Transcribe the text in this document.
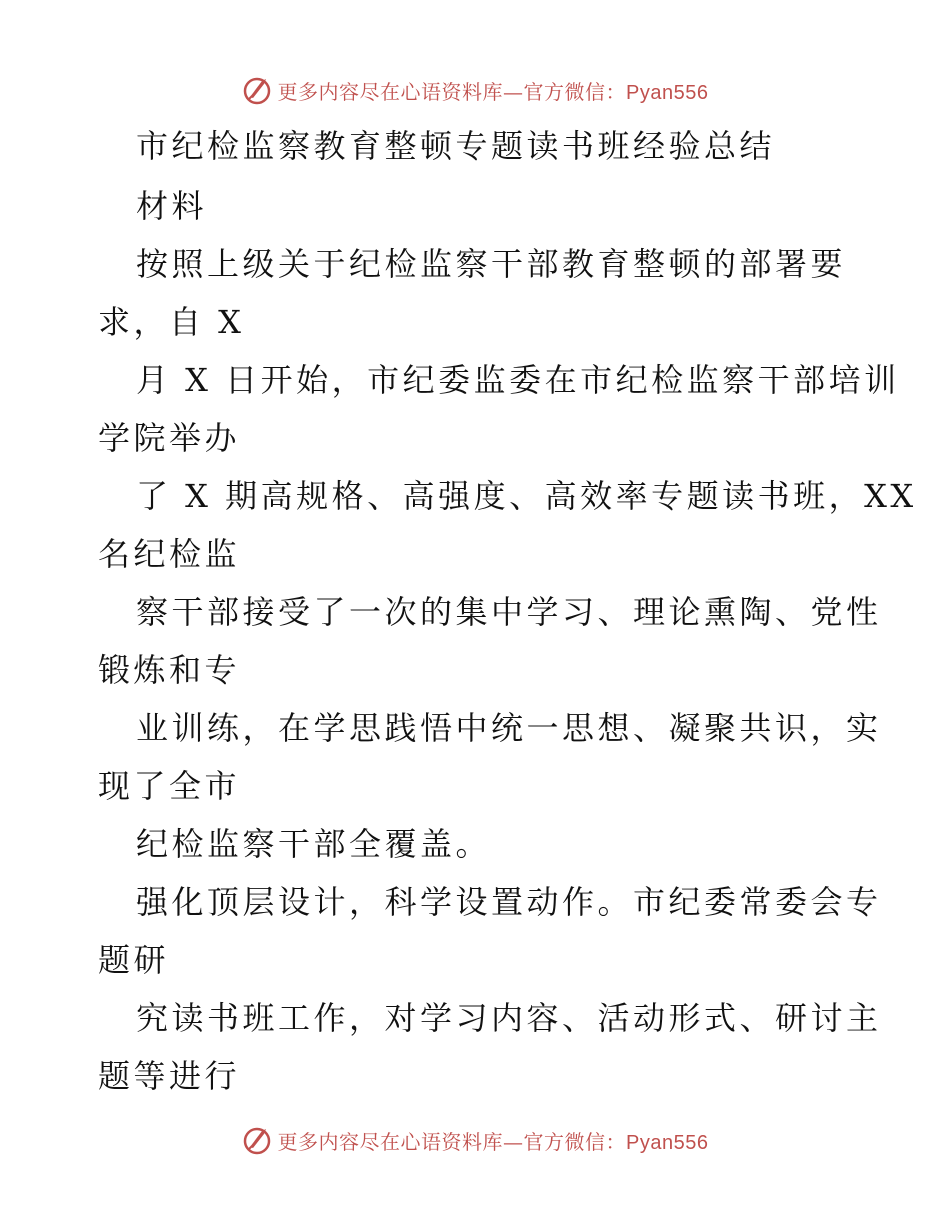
更多内容尽在心语资料库—官方微信：Pyan556
市纪检监察教育整顿专题读书班经验总结
材料
按照上级关于纪检监察干部教育整顿的部署要
求，自 X
月 X 日开始，市纪委监委在市纪检监察干部培训
学院举办
了 X 期高规格、高强度、高效率专题读书班，XX
名纪检监
察干部接受了一次的集中学习、理论熏陶、党性
锻炼和专
业训练，在学思践悟中统一思想、凝聚共识，实
现了全市
纪检监察干部全覆盖。
强化顶层设计，科学设置动作。市纪委常委会专
题研
究读书班工作，对学习内容、活动形式、研讨主
题等进行
更多内容尽在心语资料库—官方微信：Pyan556
